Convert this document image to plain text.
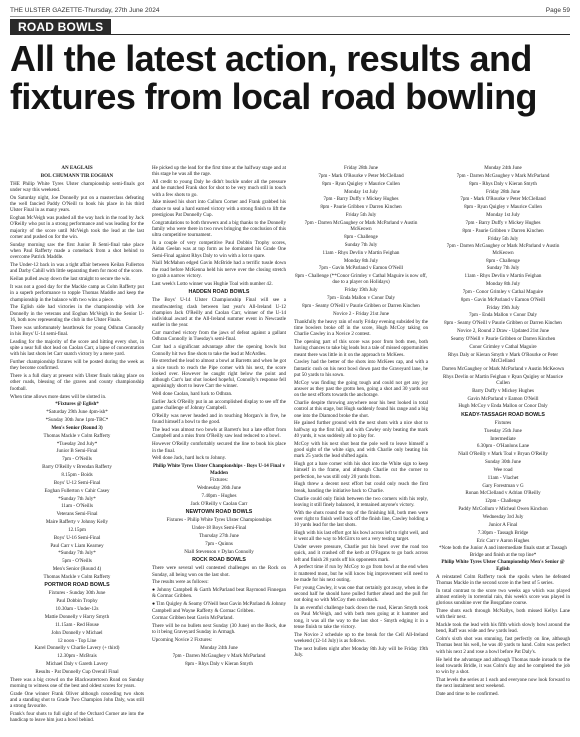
THE ULSTER GAZETTE-Thursday, 27th June 2024	Page 59
ROAD BOWLS
All the latest action, results and fixtures from local road bowling

AN EAGLAIS

BOL CHUMANN TIR EOGHAN

THE Philip White Tyres Ulster championship semi-finals got under way this weekend.

On Saturday night, Joe Donnelly put on a masterclass defeating the well fancied Paddy O'Neill to book his place in his third Ulster Final in as many years.

Eoghan McVeigh was pushed all the way back in the road by Jack O'Reilly who put in a strong performance and was leading for the majority of the score until McVeigh took the lead at the last corner and pushed on for the win.

Sunday morning saw the first Junior B Semi-final take place when Paul Rafferty made a comeback from a shot behind to overcome Patrick Maddle.

The Under-12 back in was a tight affair between Keilan Fullerton and Darby Cahill with little separating them for most of the score.

Keilan pulled away down the last straight to secure the win.

It was not a good day for the Mackle camp as Colm Rafferty put in a superb performance to topple Thomas Maddle and keep the championship in the balance with two wins a piece.

The Eglish side had victories in the championship with Joe Donnelly in the veterans and Eoghan McVeigh in the Senior U-16, both now representing the club in the Ulster Finals.

There was unfortunately heartbreak for young Odhran Connolly in his Boys' U-14 semi-final.

Leading for the majority of the score and hitting every shot, in spite a near full shot lead on Caolan Carr, a lapse of concentration with his last shots let Carr snatch victory by a mere yard.

Further championship fixtures will be posted during the week as they become confirmed.

There is a full diary at present with Ulster finals taking place on other roads, blessing of the graves and county championship football.

When time allows more dates will be slotted in.

*Fixtures @ Eglish*

*Saturday 29th June 4pm-ish*

*Sunday 30th June 1pm-TBC*

Men's Senior (Round 3)

Thomas Mackle v Colm Rafferty

*Tuesday 2nd July*

Junior B Semi-Final

7pm - O'Neills

Barry O'Reilly v Brendan Rafferty

8.15pm - Boids

Boys' U-12 Semi-Final

Eoghan Fullerton v Cahir Casey

*Sunday 7th July*

11am - O'Neills

Veterans Semi-Final

Maire Rafferty v Johnny Kelly

12.15pm

Boys' U-16 Semi-Final

Paul Carr v Liam Kearney

*Sunday 7th July*

5pm - O'Neills

Men's Senior (Round 4)

Thomas Mackle v Colm Rafferty

PORTMOR ROAD BOWLS

Fixtures - Sunday 30th June

Paul Dobbin Trophy

10.30am - Under-12s

Mattie Donnelly v Harry Smyth

11.15am - Red House

John Donnelly v Michael

12 noon - Top Line

Karel Donnelly v Charlie Lavery (+ third)

12.30pm - McBrais

Michael Daly v Gareth Lavery

Results - Pat Donnelly Cup Overall Final

There was a big crowd on the Blackwatertown Road on Sunday morning to witness one of the best and oldest scores for years.

Grade One winner Frank Oliver although conceding two shots and a standing shot to Grade Two Champion John Daly, was still a strong favourite.

Frank's four shots to full sight of the Orchard Corner ate into the handicap to leave him just a bowl behind.

He picked up the lead for the first time at the halfway stage and at this stage he was all the rage.

All credit to young Daly he didn't buckle under all the pressure and he matched Frank shot for shot to be very much still in touch with a few shots to go.

Jake missed his short into Callum Corner and Frank grabbed his chance to seal a hard earned victory with a strong finish to lift the prestigious Pat Donnelly Cup.

Congratulations to both throwers and a big thanks to the Donnelly family who were there in two rows bringing the conclusion of this ultra competitive tournament.

In a couple of very competitive Paul Dobbin Trophy scores, Aidan Geelan was at top form as he dominated his Grade One Semi-Final against Rhys Daly to win with a lot to spare.

Niall McMahon edged Gavin McBride had a terrific tussle down the road before McKenna held his nerve over the closing stretch to grab a narrow victory.

Last week's Lotto winner was Hughie Toal with number 42.

HADDEN ROAD BOWLS

The Boys' U-14 Ulster Championship Final will see a mouthwatering clash between last year's All-Ireland U-12 champion Jack O'Reilly and Caolan Carr, winner of the U-14 individual award at the All-Ireland summer event in Newcastle earlier in the year.

Carr marched victory from the jaws of defeat against a gallant Odhran Connolly in Tuesday's semi-final.

Carr had a significant advantage after the opening bowls but Connolly hit two fine shots to take the lead at McArdles.

He stretched the lead to almost a bowl at Barretts and when he got a nice touch to reach the Pipe corner with his next, the score looked over. However he caught right below the point and although Carr's last shot looked hopeful, Connolly's response fell agonisingly short to leave Carr the winner.

Well done Caolan, hard luck to Odhran.

Earlier Jack O'Reilly put in an accomplished display to see off the game challenge of Johnny Campbell.

O'Reilly was never headed and in touching Morgan's in five, he found himself a bowl to the good.

The lead was almost two bowls at Barrett's but a late effort from Campbell and a miss from O'Reilly saw lead reduced to a bowl.

However O'Reilly comfortably secured the line to book his place in the final.

Well done Jack, hard luck to Johnny.

Philip White Tyres Ulster Championships - Boys U-14 Final v Madden

Fixtures:

Wednesday 26th June

7.40pm - Hughes

Jack O'Reilly v Caolan Carr

NEWTOWN ROAD BOWLS

Fixtures - Philip White Tyres Ulster Championships

Under-18 Boys Semi-Final

Thursday 27th June

7pm - Quinns

Niall Stevenson v Dylan Connolly

ROCK ROAD BOWLS

There were several well contested challenges on the Rock on Sunday, all being won on the last shot.

The results were as follows:

● Johnny Campbell & Garth McParland beat Raymond Finnegan & Cormac Gribben.

● Tim Quigley & Seamy O'Neill beat Gavin McParland & Johnny Campbell and Wayne Rafferty & Cormac Gribben.

Cormac Gribben beat Gavin McParland.

There will be no bullets next Sunday (30 June) on the Rock, due to it being Graveyard Sunday in Armagh.

Upcoming Novice 2 Fixtures:

Monday 24th June

7pm - Darren McGaughey v Mark McParland

8pm - Rhys Daly v Kieran Smyth

Friday 28th June

7pm - Mark O'Rourke v Peter McClelland

8pm - Ryan Quigley v Maurice Cullen

Monday 1st July

7pm - Barry Duffy v Mickey Hughes

8pm - Paurie Gribben v Darren Kinchen

Friday 5th July

7pm - Darren McGaughey or Mark McParland v Austin McKeown

8pm - Challenge

Sunday 7th July

11am - Rhys Devlin v Martin Feighan

Monday 8th July

7pm - Gavin McParland v Eamon O'Neill

8pm - Challenge (**Conor Grimley v Cathal Maguire is now off, due to a player on Holidays)

Friday 19th July

7pm - Enda Mallon v Conor Daly

8pm - Seamy O'Neill v Paurie Gribben or Darren Kinchen

Novice 2 - Friday 21st June

Thankfully the heavy rain of early Friday evening subsided by the time bowlers broke off in the score, Hugh McCoy taking on Charlie Cawley in a Novice 2 contest.

The opening part of this score was poor from both men, both having chances to take big leads but a tale of missed opportunities meant there was little in it on the approach to McKees.

Cawley had the better of the shots into McKees cap, and with a fantastic cush on his next bowl down past the Graveyard lane, he put 50 yards to his sown.

McCoy was finding the going tough and could not get any joy answer as they past the grotto hen, going a shot and 30 yards out on the next efforts towards the anchorage.

Charlie despite throwing anywhere near his best looked in total control at this stage, but Hugh suddenly found his range and a big one into the Diamond broke the shot.

He gained further ground with the next shots with a nice shot to halfway up the first hill, and with Cawley only beating the mark 40 yards, it was suddenly all to play for.

McCoy with his next shot beat the pole well to leave himself a good sight of the white sign, and with Charlie only beating his mark 25 yards the lead shifted again.

Hugh got a bare corner with his shot into the White sign to keep himself in the frame, and although Charlie cut the corner to perfection, he was still only 20 yards from.

Hugh threw a decent next effort but could only reach the first break, handing the initiative back to Charlie.

Charlie could only finish between the two corners with his reply, leaving it still finely balanced, it remained anyone's victory.

With the shots round the top of the finishing hill, both men were over right to finish well back off the finish line, Cawley holding a 10 yards lead for the last shots.

Hugh with his last effort got his bowl across left to right well, and it went all the way to McGirrs to set a very testing target.

Under severe pressure, Charlie put his bowl over the road too quick, and it crashed off the kerb at O'Fagans to go back across left and finish 28 yards off his opponents mark.

A perfect time if run by McCoy to go from bowl at the end when it mattered most, but he will know big improvement will need to be made for his next outing.

For young Cawley, it was one that certainly got away, when in the second half he should have pulled further ahead and the pull for not doing so with McCoy then comeback.

In an eventful challenge back down the road, Kieran Smyth took on Paul McVeigh, and with both men going at it hammer and tong, it was all the way to the last shot - Smyth edging it in a tense finish to take the victory.

The Novice 2 schedule up to the break for the Cell All-Ireland weekend (12-14 July) is as follows.

The next bullets night after Monday 8th July will be Friday 19th July.

Monday 24th June

7pm - Darren McGaughey v Mark McParland

8pm - Rhys Daly v Kieran Smyth

Friday 28th June

7pm - Mark O'Rourke v Peter McClelland

8pm - Ryan Quigley v Maurice Cullen

Monday 1st July

7pm - Barry Duffy v Mickey Hughes

8pm - Paurie Gribben v Darren Kinchen

Friday 5th July

7pm - Darren McGaughey or Mark McParland v Austin McKeown

8pm - Challenge

Sunday 7th July

11am - Rhys Devlin v Martin Feighan

Monday 8th July

7pm - Conor Grimley v Cathal Maguire

8pm - Gavin McParland v Eamon O'Neill

Friday 19th July

7pm - Enda Mallon v Conor Daly

8pm - Seamy O'Neill v Paurie Gribben or Darren Kinchen

Novice 2, Round 2 Draw - Updated 21st June

Seamy O'Neill v Paurie Gribben or Darren Kinchen

Conor Grimley v Cathal Maguire

Rhys Daly or Kieran Smyth v Mark O'Rourke or Peter McClelland

Darren McGaughey or Mark McParland v Austin McKeown

Rhys Devlin or Martin Feighan v Ryan Quigley or Maurice Cullen

Barry Duffy v Mickey Hughes

Gavin McParland v Eamon O'Neill

Hugh McCoy v Enda Mallon or Conor Daly

KEADY-TASSAGH ROAD BOWLS

Fixtures

Tuesday 25th June

Intermediate

6.30pm - O'Hanlons Lane

Niall O'Reilly v Mark Toal v Bryan O'Reilly

Sunday 30th June

Wee road

11am - Vlachet

Gary Forestman v G

Ronan McClelland v Adrian O'Reilly

12pm - Challenge

Paddy McCollum v Micheal Owen Kinchon

Wednesday 3rd July

Junior A Final

7.30pm - Tassagh Bridge

Eric Carr v Aaron Hughes

*Note both the Junior A and intermediate finals start at Tassagh Bridge and finish at the top line*

Philip White Tyres Ulster Championship Men's Senior @ Eglish

A reinstated Colm Rafferty took the spoils when he defeated Thomas Mackle in the second score in the best of 5 series.

In total contrast to the score two weeks ago which was played almost entirely in torrential rain, this week's score was played in glorious sunshine over the Bosgafane course.

Three shots each through McNallys, both missed Kellys Lane with their next.

Mackle took the lead with his fifth which slowly bowl around the bend, Raff was wide and few yards lead.

Colm's sixth shot was stunning, fast perfectly on line, although Thomas beat his well, he was 40 yards to hand. Colm was perfect with his next 2 and rose a bowl before Pat Daly's.

He held the advantage and although Thomas made inroads to the lead towards Bridle, it was Colm's day and he completed the job to win by a shot.

That levels the series at 1 each and everyone now look forward to the next instalment next weekend.

Date and time to be confirmed.
